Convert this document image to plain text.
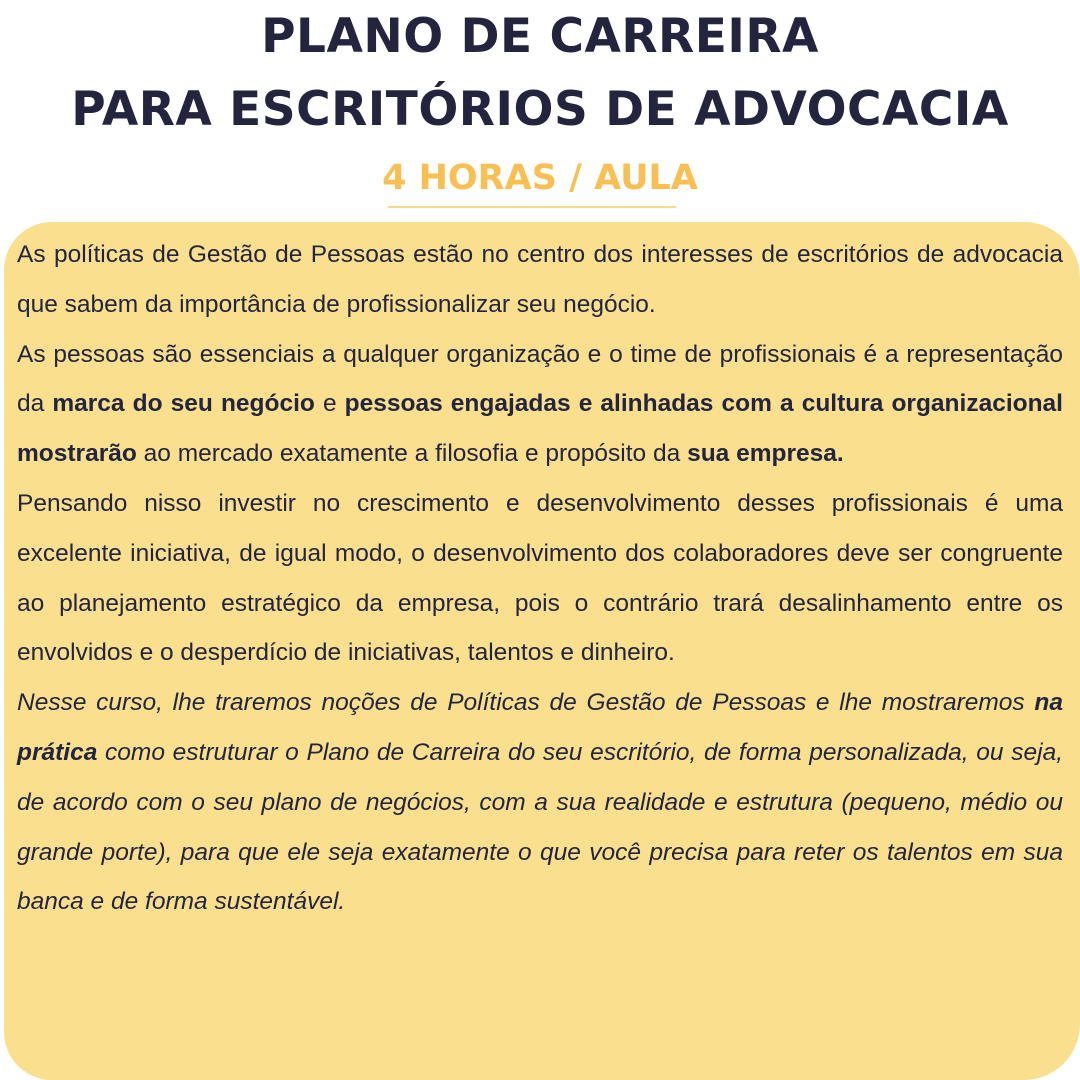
PLANO DE CARREIRA
PARA ESCRITÓRIOS DE ADVOCACIA
4 HORAS / AULA

As políticas de Gestão de Pessoas estão no centro dos interesses de escritórios de advocacia que sabem da importância de profissionalizar seu negócio.

As pessoas são essenciais a qualquer organização e o time de profissionais é a representação da marca do seu negócio e pessoas engajadas e alinhadas com a cultura organizacional mostrarão ao mercado exatamente a filosofia e propósito da sua empresa.

Pensando nisso investir no crescimento e desenvolvimento desses profissionais é uma excelente iniciativa, de igual modo, o desenvolvimento dos colaboradores deve ser congruente ao planejamento estratégico da empresa, pois o contrário trará desalinhamento entre os envolvidos e o desperdício de iniciativas, talentos e dinheiro.

Nesse curso, lhe traremos noções de Políticas de Gestão de Pessoas e lhe mostraremos na prática como estruturar o Plano de Carreira do seu escritório, de forma personalizada, ou seja, de acordo com o seu plano de negócios, com a sua realidade e estrutura (pequeno, médio ou grande porte), para que ele seja exatamente o que você precisa para reter os talentos em sua banca e de forma sustentável.
